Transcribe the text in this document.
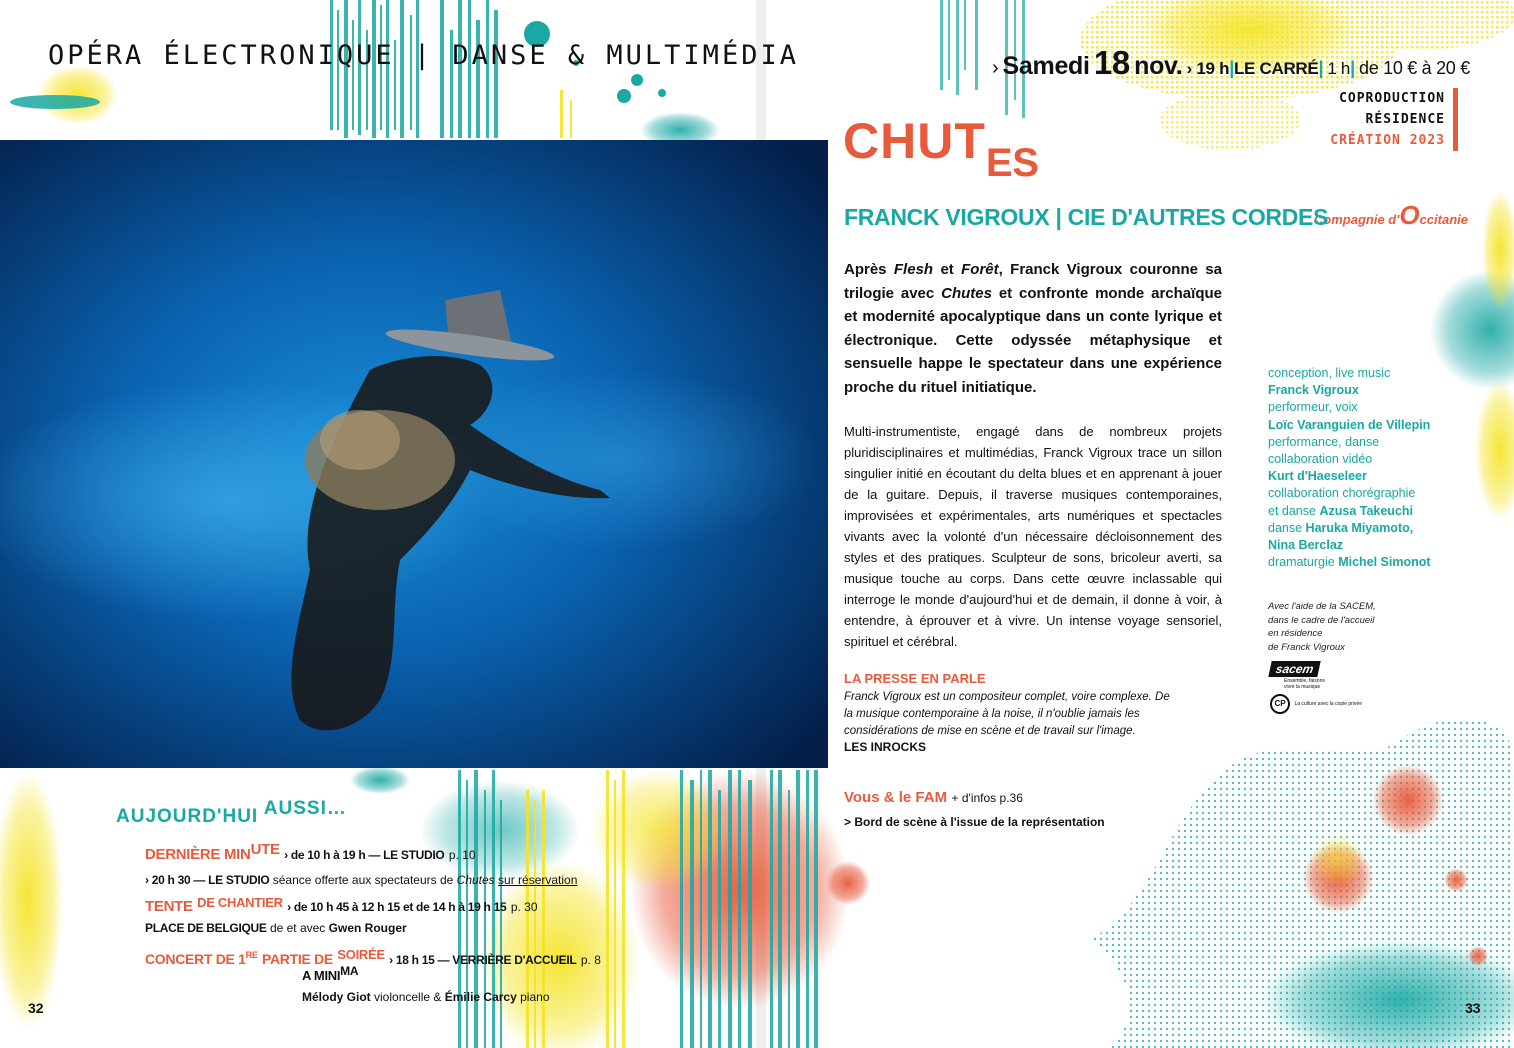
OPÉRA ÉLECTRONIQUE | DANSE & MULTIMÉDIA
AUJOURD'HUI AUSSI…
DERNIÈRE MINUTE › de 10 h à 19 h — LE STUDIO p. 10
› 20 h 30 — LE STUDIO séance offerte aux spectateurs de Chutes sur réservation
TENTE $^{DE CHANTIER}$ › de 10 h 45 à 12 h 15 et de 14 h à 19 h 15 p. 30
PLACE DE BELGIQUE de et avec Gwen Rouger
CONCERT DE 1RE PARTIE DE $^{SOIRÉE}$ › 18 h 15 — VERRIÈRE D'ACCUEIL p. 8
A $MINI^{MA}$
Mélody Giot violoncelle & Émilie Carcy piano
32
› Samedi 18 nov. › 19 h|LE CARRÉ| 1 h| de 10 € à 20 €
COPRODUCTION
RÉSIDENCE
CRÉATION 2023
Compagnie d'Occitanie
CHUTES
FRANCK VIGROUX | CIE D'AUTRES CORDES
Après Flesh et Forêt, Franck Vigroux couronne sa trilogie avec Chutes et confronte monde archaïque et modernité apocalyptique dans un conte lyrique et électronique. Cette odyssée métaphysique et sensuelle happe le spectateur dans une expérience proche du rituel initiatique.
Multi-instrumentiste, engagé dans de nombreux projets pluridisciplinaires et multimédias, Franck Vigroux trace un sillon singulier initié en écoutant du delta blues et en apprenant à jouer de la guitare. Depuis, il traverse musiques contemporaines, improvisées et expérimentales, arts numériques et spectacles vivants avec la volonté d'un nécessaire décloisonnement des styles et des pratiques. Sculpteur de sons, bricoleur averti, sa musique touche au corps. Dans cette œuvre inclassable qui interroge le monde d'aujourd'hui et de demain, il donne à voir, à entendre, à éprouver et à vivre. Un intense voyage sensoriel, spirituel et cérébral.
LA PRESSE EN PARLE
Franck Vigroux est un compositeur complet, voire complexe. De la musique contemporaine à la noise, il n'oublie jamais les considérations de mise en scène et de travail sur l'image.
LES INROCKS
Vous & le FAM + d'infos p.36
> Bord de scène à l'issue de la représentation
conception, live music
Franck Vigroux
performeur, voix
Loïc Varanguien de Villepin
performance, danse
collaboration vidéo
Kurt d'Haeseleer
collaboration chorégraphie
et danse Azusa Takeuchi
danse Haruka Miyamoto,
Nina Berclaz
dramaturgie Michel Simonot
Avec l'aide de la SACEM,
dans le cadre de l'accueil
en résidence
de Franck Vigroux
sacem
Ensemble, faisons vivre la musique
CP La culture avec la copie privée
33
